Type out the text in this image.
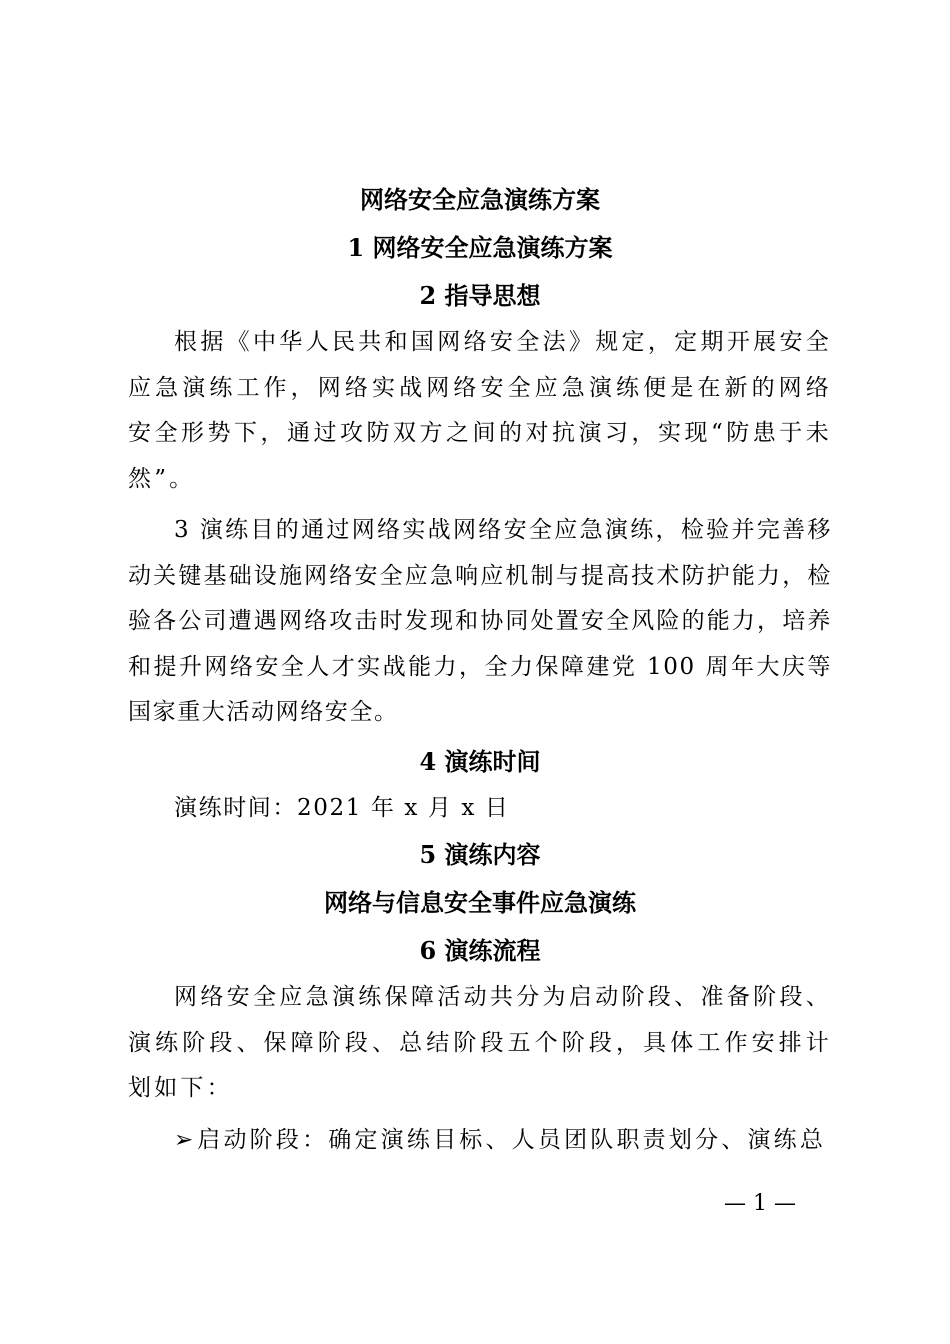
网络安全应急演练方案
1 网络安全应急演练方案
2 指导思想

根据《中华人民共和国网络安全法》规定，定期开展安全应急演练工作，网络实战网络安全应急演练便是在新的网络安全形势下，通过攻防双方之间的对抗演习，实现“防患于未然”。

3 演练目的通过网络实战网络安全应急演练，检验并完善移动关键基础设施网络安全应急响应机制与提高技术防护能力，检验各公司遭遇网络攻击时发现和协同处置安全风险的能力，培养和提升网络安全人才实战能力，全力保障建党 100 周年大庆等国家重大活动网络安全。

4 演练时间

演练时间：2021 年 x 月 x 日

5 演练内容
网络与信息安全事件应急演练
6 演练流程

网络安全应急演练保障活动共分为启动阶段、准备阶段、演练阶段、保障阶段、总结阶段五个阶段，具体工作安排计划如下：

➢ 启动阶段：确定演练目标、人员团队职责划分、演练总

— 1 —
